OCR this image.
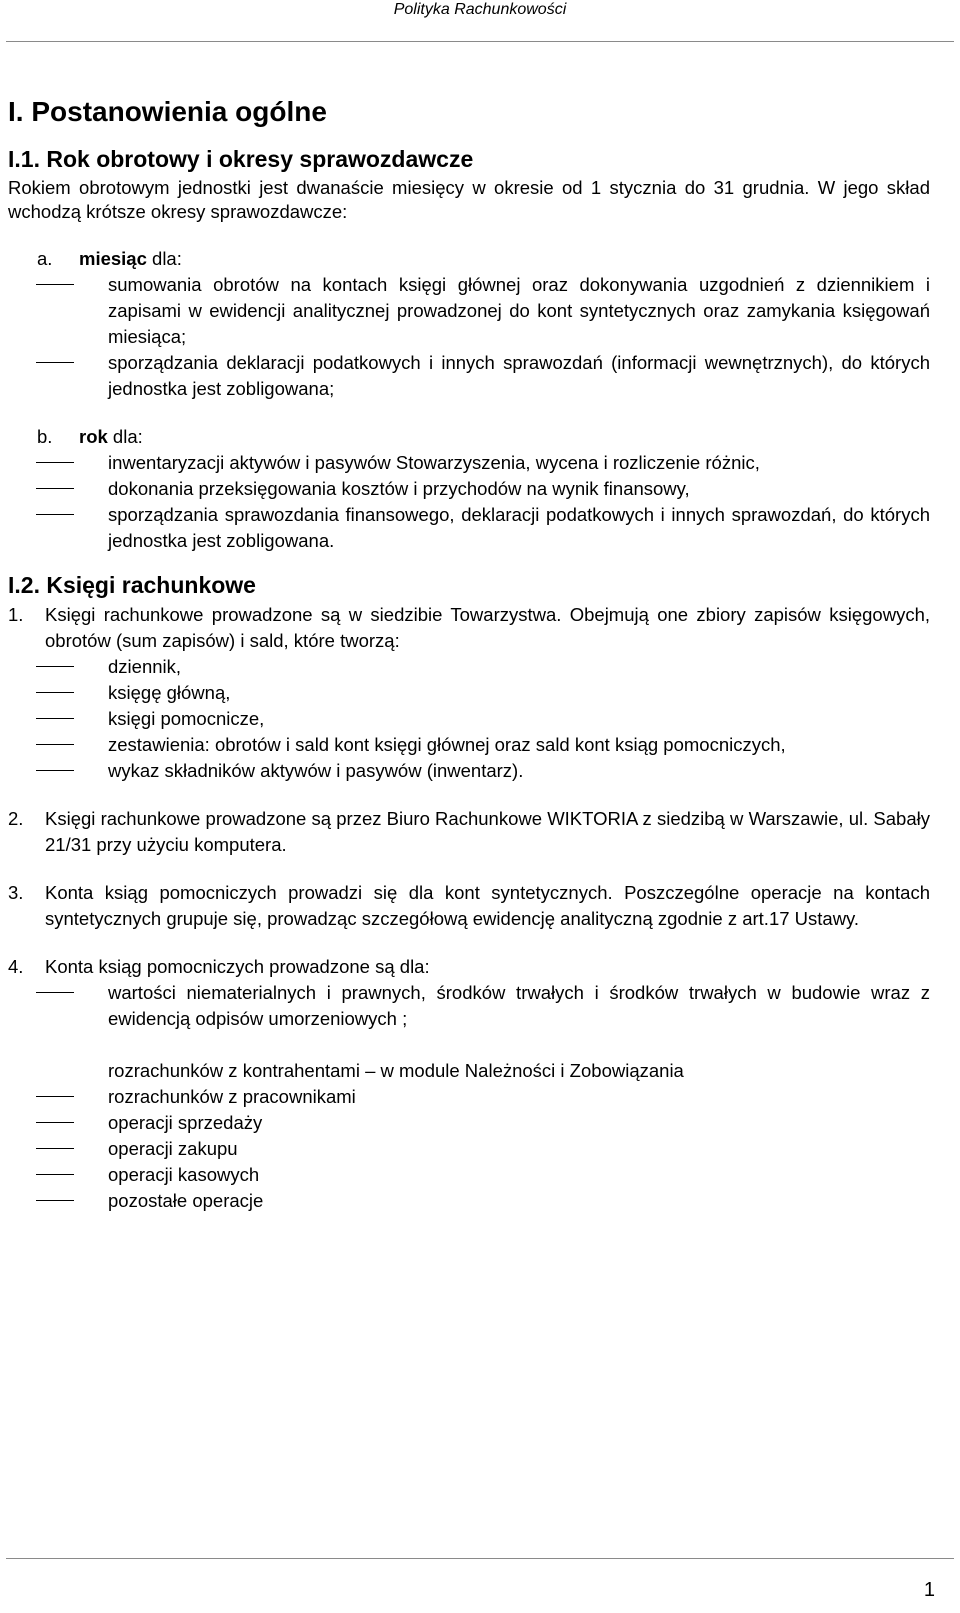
Polityka Rachunkowości
I. Postanowienia ogólne
I.1. Rok obrotowy i okresy sprawozdawcze

Rokiem obrotowym jednostki jest dwanaście miesięcy w okresie od 1 stycznia do 31 grudnia. W jego skład wchodzą krótsze okresy sprawozdawcze:

a.	miesiąc dla:
sumowania obrotów na kontach księgi głównej oraz dokonywania uzgodnień z dziennikiem i zapisami w ewidencji analitycznej prowadzonej do kont syntetycznych oraz zamykania księgowań miesiąca;
sporządzania deklaracji podatkowych i innych sprawozdań (informacji wewnętrznych), do których jednostka jest zobligowana;
b.	rok dla:
inwentaryzacji aktywów i pasywów Stowarzyszenia, wycena i rozliczenie różnic,
dokonania przeksięgowania kosztów i przychodów na wynik finansowy,
sporządzania sprawozdania finansowego, deklaracji podatkowych i innych sprawozdań, do których jednostka jest zobligowana.
I.2. Księgi rachunkowe

1. Księgi rachunkowe prowadzone są w siedzibie Towarzystwa. Obejmują one zbiory zapisów księgowych, obrotów (sum zapisów) i sald, które tworzą:

dziennik,
księgę główną,
księgi pomocnicze,
zestawienia: obrotów i sald kont księgi głównej oraz sald kont ksiąg pomocniczych,
wykaz składników aktywów i pasywów (inwentarz).

2. Księgi rachunkowe prowadzone są przez Biuro Rachunkowe WIKTORIA z siedzibą w Warszawie, ul. Sabały 21/31 przy użyciu komputera.

3. Konta ksiąg pomocniczych prowadzi się dla kont syntetycznych. Poszczególne operacje na kontach syntetycznych grupuje się, prowadząc szczegółową ewidencję analityczną zgodnie z art.17 Ustawy.

4. Konta ksiąg pomocniczych prowadzone są dla:

wartości niematerialnych i prawnych, środków trwałych i środków trwałych w budowie wraz z ewidencją odpisów umorzeniowych ;
rozrachunków z kontrahentami – w module Należności i Zobowiązania
rozrachunków z pracownikami
operacji sprzedaży
operacji zakupu
operacji kasowych
pozostałe operacje
1
